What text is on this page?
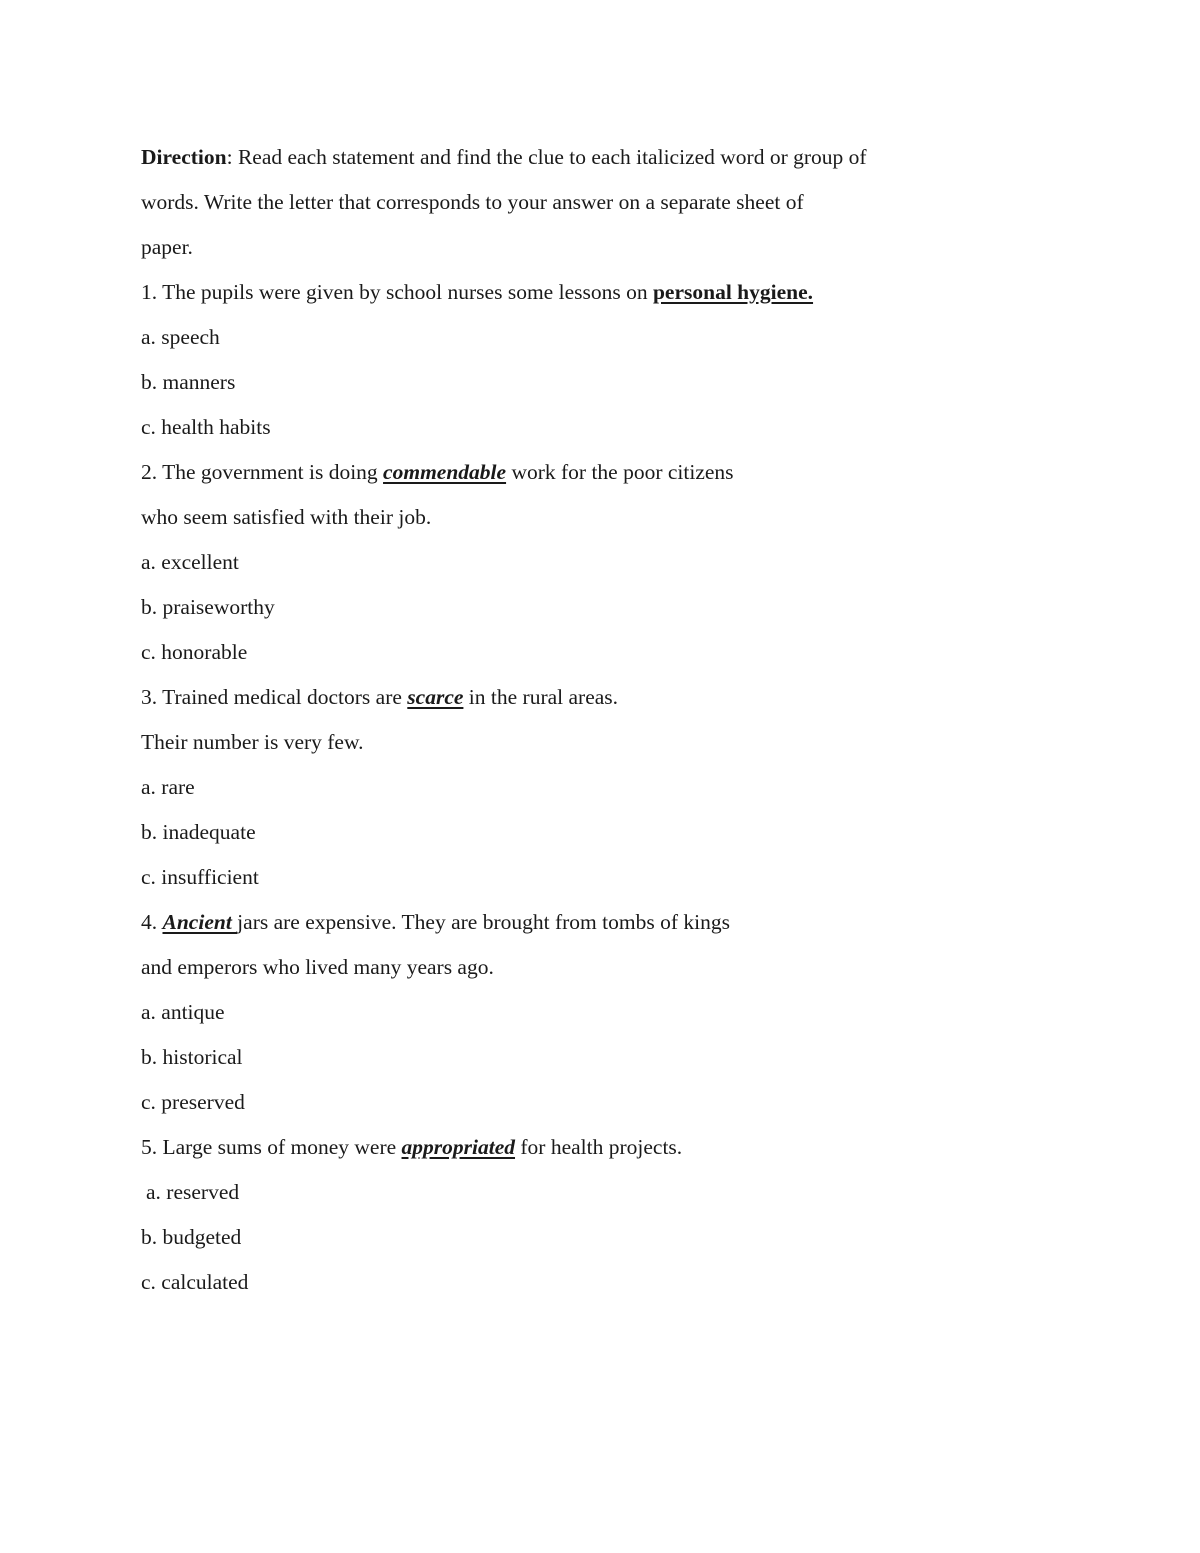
Direction: Read each statement and find the clue to each italicized word or group of
words. Write the letter that corresponds to your answer on a separate sheet of
paper.
1. The pupils were given by school nurses some lessons on personal hygiene.
a. speech
b. manners
c. health habits
2. The government is doing commendable work for the poor citizens
who seem satisfied with their job.
a. excellent
b. praiseworthy
c. honorable
3. Trained medical doctors are scarce in the rural areas.
Their number is very few.
a. rare
b. inadequate
c. insufficient
4. Ancient jars are expensive. They are brought from tombs of kings
and emperors who lived many years ago.
a. antique
b. historical
c. preserved
5. Large sums of money were appropriated for health projects.
a. reserved
b. budgeted
c. calculated
